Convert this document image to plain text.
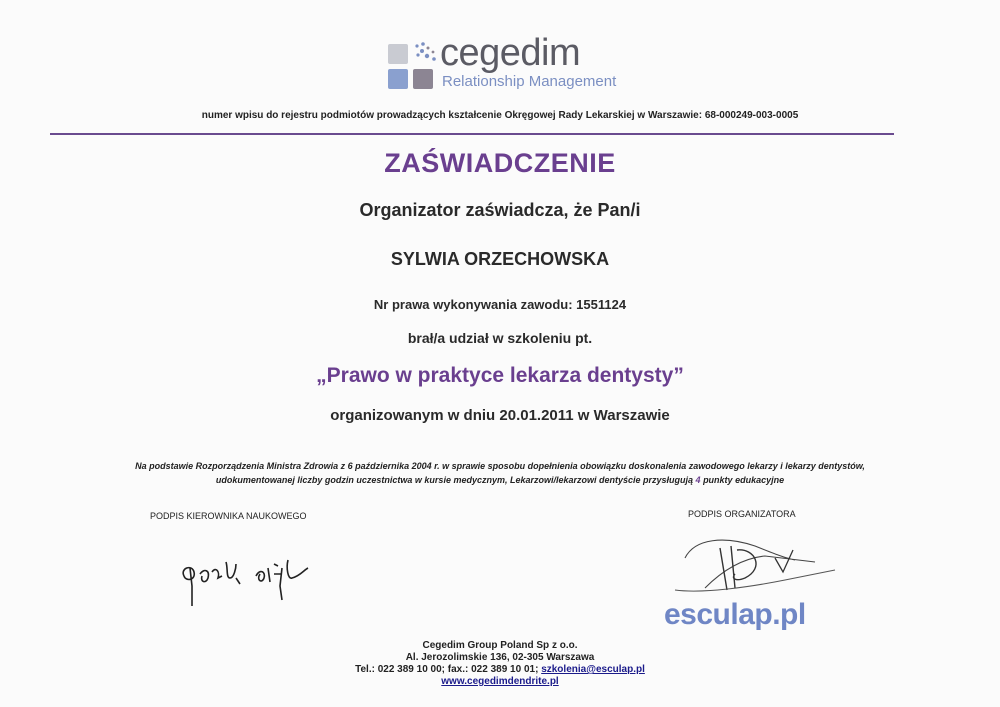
cegedim
Relationship Management
numer wpisu do rejestru podmiotów prowadzących kształcenie Okręgowej Rady Lekarskiej w Warszawie: 68-000249-003-0005
ZAŚWIADCZENIE
Organizator zaświadcza, że Pan/i
SYLWIA ORZECHOWSKA
Nr prawa wykonywania zawodu: 1551124
brał/a udział w szkoleniu pt.
„Prawo w praktyce lekarza dentysty”
organizowanym w dniu 20.01.2011 w Warszawie
Na podstawie Rozporządzenia Ministra Zdrowia z 6 października 2004 r. w sprawie sposobu dopełnienia obowiązku doskonalenia zawodowego lekarzy i lekarzy dentystów,
udokumentowanej liczby godzin uczestnictwa w kursie medycznym, Lekarzowi/lekarzowi dentyście przysługują 4 punkty edukacyjne
PODPIS KIEROWNIKA NAUKOWEGO	PODPIS ORGANIZATORA
esculap.pl
Cegedim Group Poland Sp z o.o.
Al. Jerozolimskie 136, 02-305 Warszawa
Tel.: 022 389 10 00; fax.: 022 389 10 01; szkolenia@esculap.pl
www.cegedimdendrite.pl
